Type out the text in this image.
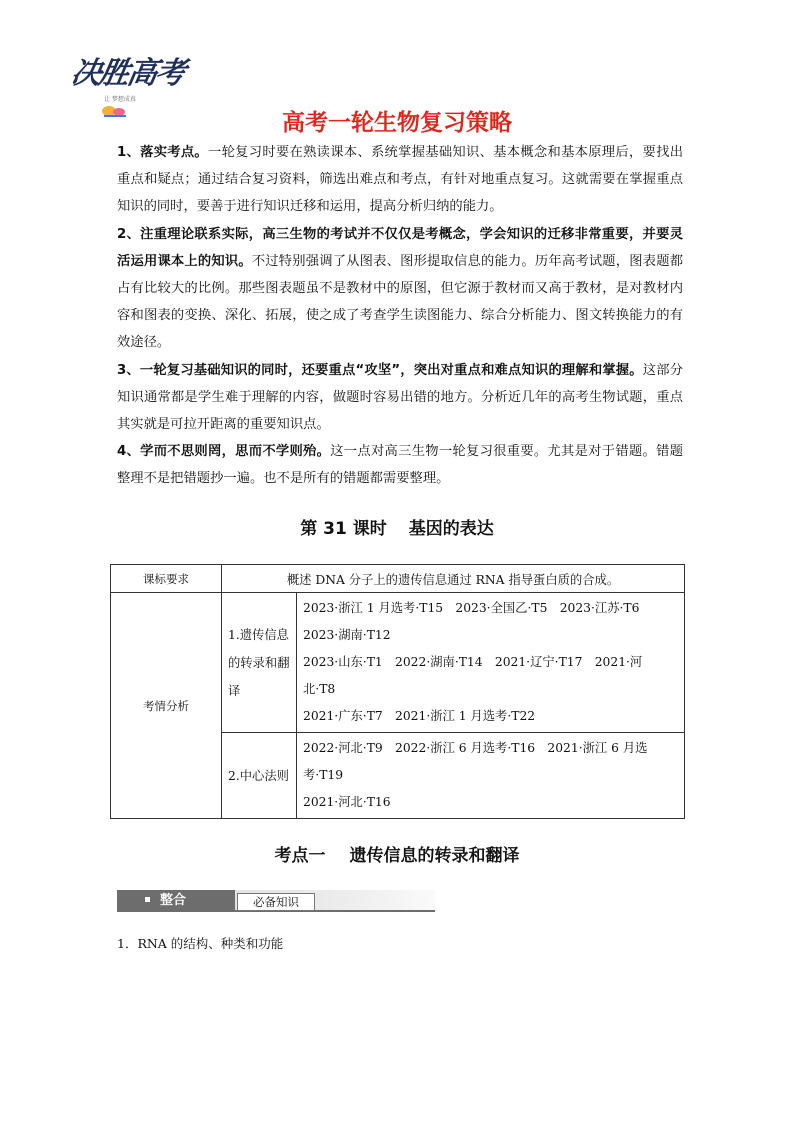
决胜高考
让 梦想成真
高考一轮生物复习策略

1、落实考点。一轮复习时要在熟读课本、系统掌握基础知识、基本概念和基本原理后，要找出重点和疑点；通过结合复习资料，筛选出难点和考点，有针对地重点复习。这就需要在掌握重点知识的同时，要善于进行知识迁移和运用，提高分析归纳的能力。

2、注重理论联系实际，高三生物的考试并不仅仅是考概念，学会知识的迁移非常重要，并要灵活运用课本上的知识。不过特别强调了从图表、图形提取信息的能力。历年高考试题，图表题都占有比较大的比例。那些图表题虽不是教材中的原图，但它源于教材而又高于教材，是对教材内容和图表的变换、深化、拓展，使之成了考查学生读图能力、综合分析能力、图文转换能力的有效途径。

3、一轮复习基础知识的同时，还要重点“攻坚”，突出对重点和难点知识的理解和掌握。这部分知识通常都是学生难于理解的内容，做题时容易出错的地方。分析近几年的高考生物试题，重点其实就是可拉开距离的重要知识点。

4、学而不思则罔，思而不学则殆。这一点对高三生物一轮复习很重要。尤其是对于错题。错题整理不是把错题抄一遍。也不是所有的错题都需要整理。

第 31 课时 基因的表达
课标要求	概述 DNA 分子上的遗传信息通过 RNA 指导蛋白质的合成。	
考情分析	1.遗传信息的转录和翻译	2023·浙江 1 月选考·T15　2023·全国乙·T5　2023·江苏·T6
2023·湖南·T12
2023·山东·T1　2022·湖南·T14　2021·辽宁·T17　2021·河
北·T8
2021·广东·T7　2021·浙江 1 月选考·T22

	2.中心法则	2022·河北·T9　2022·浙江 6 月选考·T16　2021·浙江 6 月选
考·T19
2021·河北·T16
考点一 遗传信息的转录和翻译
整合	必备知识
1．RNA 的结构、种类和功能
